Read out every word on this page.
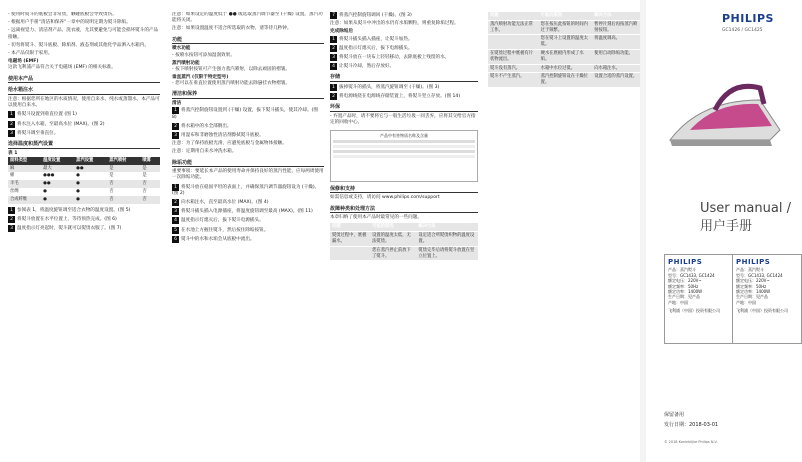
- 使用时熨斗的底板会非常烫，触碰底板会导致烫伤。
- 根据用户手册“清洁和保养”一章中的说明定期为熨斗除垢。
- 远离视觉力、清洁剂产品、洗衣液，尤其要避免与可能会损坏熨斗的产品接触。
- 切勿将熨斗、熨斗底板、除垢剂、液态剂或其他化学品洒入水箱内。
- 本产品仅限于家用。
电磁场 (EMF)
这款飞利浦产品符合关于电磁场 (EMF) 的相关标准。
使用本产品
给水箱注水
注意：根据您所在地区的水质情况，使用自来水、纯水或蒸馏水。本产品可以使用自来水。
1 将熨斗设置到垂直位置 (图 1)
2 将水注入水箱，至最高水位 (MAX)。(图 2)
3 将熨斗调至垂直位。
选择温度和蒸汽设置
表 1
面料类型	温度设置	蒸汽设置	蒸汽喷射	喷雾
麻	最大	●●	是	是
棉	●●●	●	是	是
羊毛	●●	●	否	否
丝绸	●	●	否	否
合成纤维	●	●	否	否
1 参阅表 1，将温度旋钮调至适合衣物的温度设置。(图 5)
2 将熨斗放置在水平位置上，等待预热完成。(图 6)
3 温度指示灯亮起时，熨斗就可以熨烫衣服了。(图 7)
注意：如果设定的温度低于 ●● 或选取蒸汽调节器至 (干燥) 设置，蒸汽功能将关闭。
注意：如果设置温度不适合所选取的衣物，请等待几秒钟。
功能
喷水功能
- 按喷水按钮可添加湿润效果。
蒸汽喷射功能
- 按下喷射按钮可产生强力蒸汽喷射，以除去顽固的褶皱。
垂直蒸汽 (仅限于特定型号)
- 您可以在垂直位置使用蒸汽喷射功能去除悬挂衣物褶皱。
清洁和保养
清洁
1 将蒸汽控制旋钮设置到 (干燥) 设置，拔下熨斗插头，使其冷却。(图 8)
2 将水箱中的水全部倒出。
3 用湿布和非磨蚀性清洁剂擦拭熨斗底板。
注意：为了保持底板光滑，应避免底板与金属物体接触。
注意：定期用自来水冲洗水箱。
除垢功能
重要事项：要延长本产品的使用寿命并保持良好的蒸汽性能，应每两周使用一次除垢功能。
1 将熨斗放在稳固平坦的表面上，并确保蒸汽调节器旋钮设为 (干燥)。(图 2)
2 向水箱注水，直至最高水位 (MAX)。(图 4)
3 将熨斗插头插入电源插座，将温度旋钮调至最高 (MAX)。(图 11)
4 温度指示灯熄灭后，拔下熨斗电源插头。
5 在水池上方握住熨斗，然后按住除垢按钮。
6 熨斗中的水和水垢会从底板中流出。
7 将蒸汽控制旋钮调回 (干燥)。(图 3)
注意：如果从熨斗中冲出的水仍有水垢颗粒，则重复除垢过程。
完成除垢后
1 将熨斗插头插入插座，让熨斗加热。
2 温度指示灯熄灭后，拔下电源插头。
3 将熨斗放在一块布上轻轻移动，去除底板上残留的水。
4 让熨斗冷却，然后存放好。
存储
1 拔掉熨斗的插头，将蒸汽旋钮调至 (干燥)。(图 3)
2 将电源线绕在电源线存储装置上，将熨斗竖立存放。(图 14)
环保
- 弃置产品时，请不要将它与一般生活垃圾一同丢弃，应将其交给官方指定的回收中心。
产品中有害物质名称及含量
保修和支持
如需信息或支持，请访问 www.philips.com/support
故障种类和处理方法
本章归纳了使用本产品时最常见的一些问题。
问题	可能的原因	解决方法
熨烫过程中，底板漏水。	设置的温度太低，无法熨烫。	设定适合所熨烫织物的温度设置。
	您在蒸汽停止前放下了熨斗。	熨烫完毕后请将熨斗放置在竖立位置上。
问题	可能的原因	解决方法
蒸汽喷射功能无法正常工作。	您在按压此按钮的时间内过于频繁。	暂停片刻后再按蒸汽喷射按钮。
	您在熨斗上设置的温度太低。	将温度调高。
在熨烫过程中底板有片状物流出。	硬水在底板内形成了水垢。	使用自动除垢功能。
熨斗没有蒸汽。	水箱中水位过低。	向水箱注水。
熨斗不产生蒸汽。	蒸汽控制旋钮设在干燥位置。	设置合适的蒸汽设置。
PHILIPS
GC1426 / GC1425
User manual / 用户手册
PHILIPS
产品：蒸汽熨斗
型号：GC1433, GC1424
额定电压：220V~
额定频率：50Hz
额定功率：1400W
生产日期：见产品
产地：中国
飞利浦（中国）投资有限公司
PHILIPS
产品：蒸汽熨斗
型号：GC1433, GC1424
额定电压：220V~
额定频率：50Hz
额定功率：1400W
生产日期：见产品
产地：中国
飞利浦（中国）投资有限公司
保留备用
发行日期：2018-03-01
© 2018 Koninklijke Philips N.V.
